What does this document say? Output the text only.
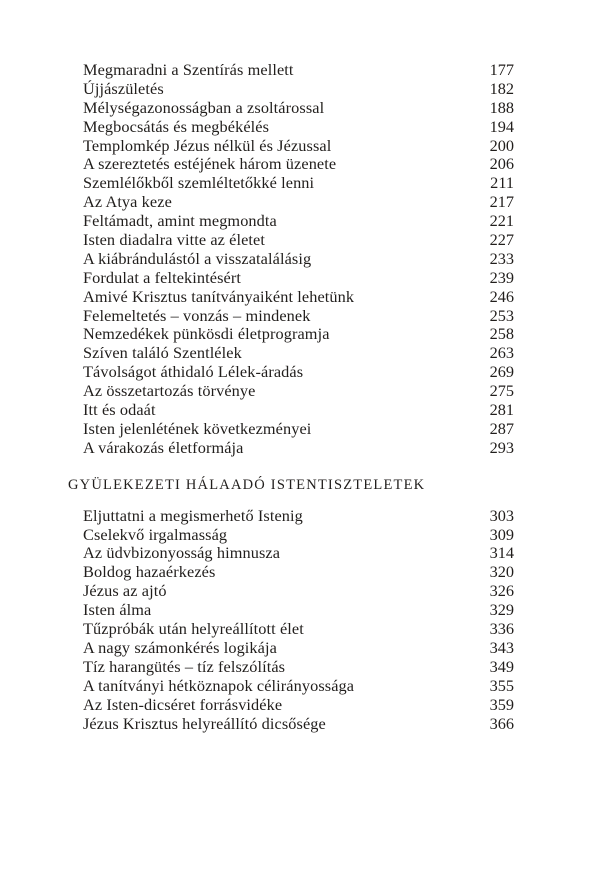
Megmaradni a Szentírás mellett	177
Újjászületés	182
Mélységazonosságban a zsoltárossal	188
Megbocsátás és megbékélés	194
Templomkép Jézus nélkül és Jézussal	200
A szereztetés estéjének három üzenete	206
Szemlélőkből szemléltetőkké lenni	211
Az Atya keze	217
Feltámadt, amint megmondta	221
Isten diadalra vitte az életet	227
A kiábrándulástól a visszatalálásig	233
Fordulat a feltekintésért	239
Amivé Krisztus tanítványaiként lehetünk	246
Felemeltetés – vonzás – mindenek	253
Nemzedékek pünkösdi életprogramja	258
Szíven találó Szentlélek	263
Távolságot áthidaló Lélek-áradás	269
Az összetartozás törvénye	275
Itt és odaát	281
Isten jelenlétének következményei	287
A várakozás életformája	293
GYÜLEKEZETI HÁLAADÓ ISTENTISZTELETEK
Eljuttatni a megismerhető Istenig	303
Cselekvő irgalmasság	309
Az üdvbizonyosság himnusza	314
Boldog hazaérkezés	320
Jézus az ajtó	326
Isten álma	329
Tűzpróbák után helyreállított élet	336
A nagy számonkérés logikája	343
Tíz harangütés – tíz felszólítás	349
A tanítványi hétköznapok célirányossága	355
Az Isten-dicséret forrásvidéke	359
Jézus Krisztus helyreállító dicsősége	366
